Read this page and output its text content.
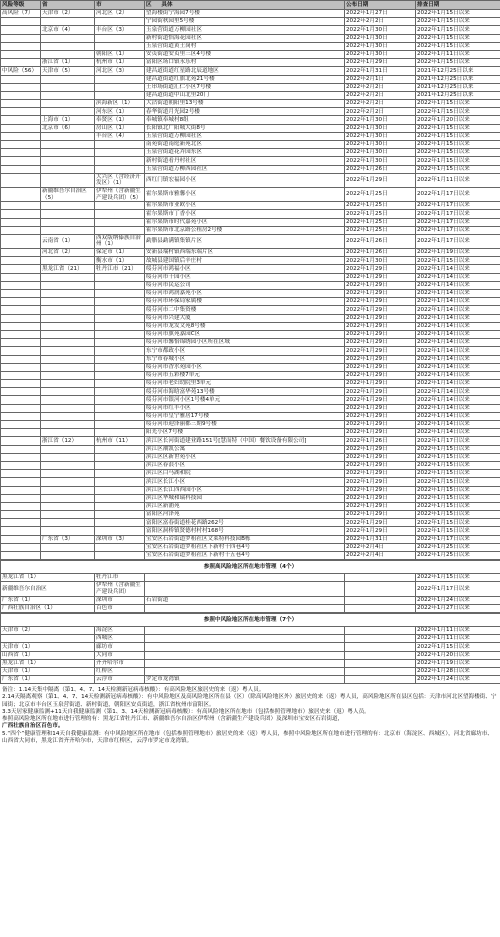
风险等级	省	市	区 具体	公布日期	排查日期
高风险（7）	天津市（2）	河北区（2）	望海楼街宁海园7号楼	2022年1月27日	2022年1月15日以来
			宁园街秋园里5号楼	2022年2月2日	2022年1月15日以来
	北京市（4）	丰台区（3）	玉泉营街道万柳园社区	2022年1月30日	2022年1月15日以来
			新村街道怡海花园社区	2022年1月30日	2022年1月15日以来
			玉泉营街道黄土岗村	2022年1月30日	2022年1月15日以来
		朝阳区（1）	安贞街道安贞里三区4号楼	2022年1月30日	2022年1月11日以来
	浙江省（1）	杭州市（1）	富阳区场口镇永乐村	2022年1月29日	2022年1月15日以来
中风险（56）	天津市（5）	河北区（3）	建昌道街道红星路北辰道地区	2022年1月31日	2021年12月25日以来
			建昌道街道红旗北苑21号楼	2022年2月1日	2021年12月25日以来
			王串场街道汇仁小区7号楼	2022年2月2日	2021年12月25日以来
			建昌道街道中山北里20门	2022年2月2日	2021年12月25日以来
		滨海新区（1）	大沽街道朝阳里13号楼	2022年2月2日	2022年1月15日以来
		河东区（1）	春华街道月光园2号楼	2022年2月2日	2022年1月15日以来
	上海市（1）	奉贤区（1）	奉城镇奉城村8组	2022年1月30日	2022年1月20日以来
	北京市（6）	房山区（1）	长阳镇北广阳城大街8号	2022年1月30日	2022年1月15日以来
		丰台区（4）	玉泉营街道万柳园社区	2022年1月30日	2022年1月15日以来
			南苑街道南庭新苑北区	2022年1月30日	2022年1月15日以来
			玉泉营街道花卉园东区	2022年1月30日	2022年1月15日以来
			新村街道看丹村社区	2022年1月30日	2022年1月15日以来
			玉泉营街道万柳西园社区	2022年1月26日	2022年1月15日以来
		大兴区（含经济开发区）（1）	西红门镇宏福园小区	2022年1月29日	2022年1月11日以来
	新疆维吾尔自治区（5）	伊犁州（含新疆生产建设兵团）（5）	霍尔果斯市雅馨小区	2022年1月25日	2022年1月17日以来
			霍尔果斯市亚欧小区	2022年1月25日	2022年1月17日以来
			霍尔果斯市丁香小区	2022年1月25日	2022年1月17日以来
			霍尔果斯市时代嘉苑小区	2022年1月25日	2022年1月17日以来
			霍尔果斯市北京路公租房2号楼	2022年1月25日	2022年1月17日以来
	云南省（1）	西双版纳傣族自治州（1）	勐腊县勐满镇集镇片区	2022年1月26日	2022年1月17日以来
	河北省（2）	保定市（1）	安新县端村镇西端东端片区	2022年1月26日	2022年1月19日以来
		衡水市（1）	故城县建国镇后辛庄村	2022年1月30日	2022年1月15日以来
	黑龙江省（21）	牡丹江市（21）	绥芬河市鸿福小区	2022年1月29日	2022年1月14日以来
			绥芬河市千园小区	2022年1月29日	2022年1月14日以来
			绥芬河市民运公司	2022年1月29日	2022年1月14日以来
			绥芬河市鸿润嘉苑小区	2022年1月29日	2022年1月14日以来
			绥芬河市环保局家属楼	2022年1月29日	2022年1月14日以来
			绥芬河市二中集资楼	2022年1月29日	2022年1月14日以来
			绥芬河市兴建大厦	2022年1月29日	2022年1月14日以来
			绥芬河市龙发文苑8号楼	2022年1月29日	2022年1月14日以来
			绥芬河市旗苑嘉园C区	2022年1月29日	2022年1月14日以来
			绥芬河市馨怡锦绣园小区所在区域	2022年1月29日	2022年1月14日以来
			东宁市都政小区	2022年1月29日	2022年1月14日以来
			东宁市春城小区	2022年1月29日	2022年1月14日以来
			绥芬河市香水苑园小区	2022年1月29日	2022年1月14日以来
			绥芬河市五彩楼7单元	2022年1月29日	2022年1月14日以来
			绥芬河市老妇幼院里3单元	2022年1月29日	2022年1月14日以来
			绥芬河市海晗富华苑13号楼	2022年1月29日	2022年1月14日以来
			绥芬河市银河小区1号楼4单元	2022年1月29日	2022年1月14日以来
			绥芬河市红丰小区	2022年1月29日	2022年1月14日以来
			绥芬河市皇宁雅居17号楼	2022年1月29日	2022年1月14日以来
			绥芬河市迎泽丽都三期9号楼	2022年1月29日	2022年1月14日以来
			阳光小区7号楼	2022年1月29日	2022年1月14日以来
	浙江省（12）	杭州市（11）	滨江区长河街道建业路151号[慧而特（中国）餐饮设备有限公司]	2022年1月26日	2022年1月17日以来
			滨江区潮凯公寓	2022年1月29日	2022年1月15日以来
			滨江区区新世苑小区	2022年1月29日	2022年1月15日以来
			滨江区春浪小区	2022年1月29日	2022年1月15日以来
			滨江区白马湖和院	2022年1月29日	2022年1月15日以来
			滨江区长江小区	2022年1月29日	2022年1月15日以来
			滨江区长江四西园小区	2022年1月29日	2022年1月15日以来
			滨江区华城和瑞科技园	2022年1月29日	2022年1月15日以来
			滨江区新浦苑	2022年1月29日	2022年1月15日以来
			富阳区河泽苑	2022年1月29日	2022年1月15日以来
			富阳区富春街道桂花西路262号	2022年1月29日	2022年1月15日以来
			富阳区洞桥镇贤德村村村168号	2022年1月29日	2022年1月15日以来
	广东省（3）	深圳市（3）	宝安区石岩街道罗租社区文莱特科技园B栋	2022年1月31日	2022年1月17日以来
			宝安区石岩街道罗租社区下新村十四巷4号	2022年2月4日	2022年1月25日以来
			宝安区石岩街道罗租社区下新村十五巷4号	2022年2月4日	2022年1月25日以来
参照高风险地区所在地市管理（4个）				
黑龙江省（1）	牡丹江市			2022年1月15日以来
新疆维吾尔自治区	伊犁州（含新疆生产建设兵团）			2022年1月17日以来
广东省（1）	深圳市	石岩街道		2022年1月24日以来
广西壮族自治区（1）	百色市			2022年1月27日以来
参照中风险地区所在地市管理（7个）				
天津市（2）	海淀区			2022年1月11日以来
	西城区			2022年1月11日以来
天津市（1）	廊坊市			2022年1月15日以来
山西省（1）	大同市			2022年1月20日以来
黑龙江省（1）	齐齐哈尔市			2022年1月19日以来
天津市（1）	红桥区			2022年1月28日以来
广东省（1）	云浮市	罗定市龙湾镇		2022年1月24日以来

备注：1.14天集中隔离（第1、4、7、14天检测新冠病毒核酸）：有高风险地区旅居史的来（返）粤人员。

2.14天隔离观察（第1、4、7、14天检测新冠病毒核酸）：有中风险地区及高风险地区所在县（区）（除高风险地区外）旅居史的来（返）粤人员，高风险地区所在县区包括：天津市河北区望海楼街、宁园街；北京市丰台区玉泉营街道、新村街道，朝阳区安贞街道，浙江省杭州市富阳区。

3.3天居家健康监测+11天自我健康监测（第1、3、14天检测新冠病毒核酸）：有高风险地区所在地市（包括参照管理地市）旅居史来（返）粤人员。

参照高风险地区所在地市进行管理的有：黑龙江省牡丹江市、新疆维吾尔自治区伊犁州（含新疆生产建设兵团）及深圳市宝安区石岩街道，

广西壮族自治区百色市。

5.“四个”健康管理和14天自我健康监测：有中风险地区所在地市（包括参照管理地市）旅居史的来（返）粤人员，参照中风险地区所在地市进行管理的有：北京市（海淀区、西城区），河北省廊坊市、山西省大同市，黑龙江省齐齐哈尔市，天津市红桥区，云浮市罗定市龙湾镇。
